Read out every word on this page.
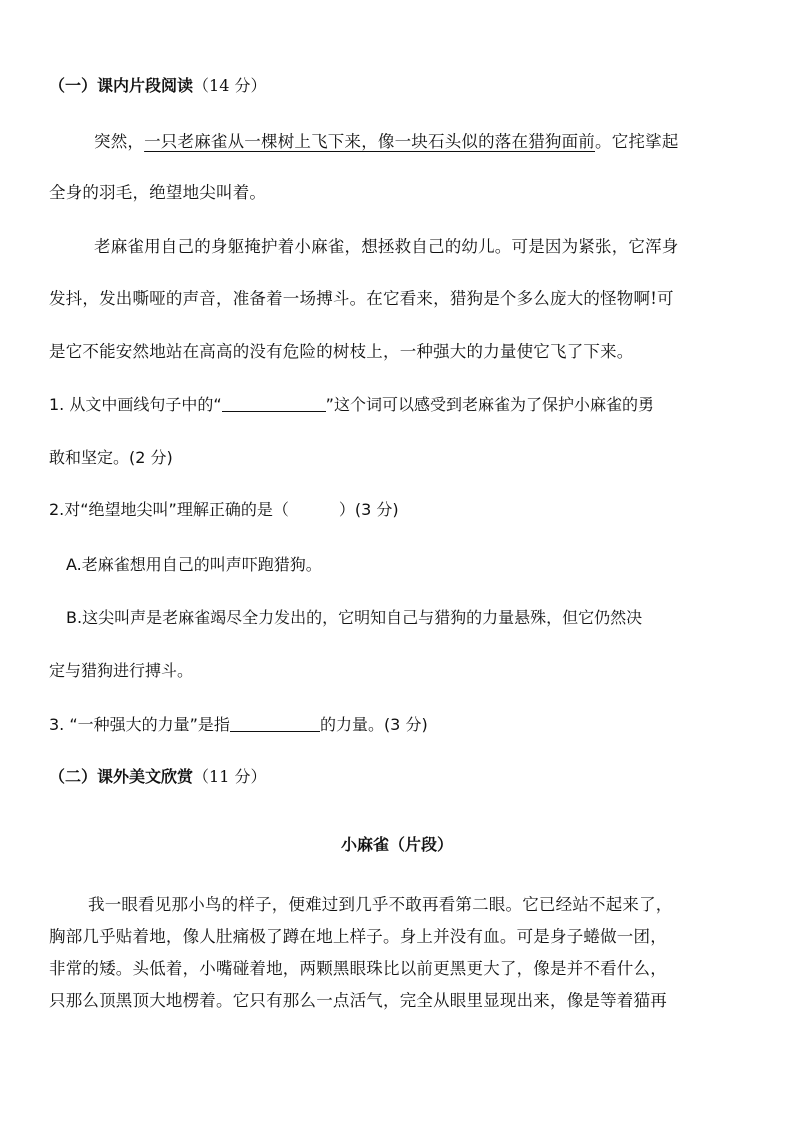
（一）课内片段阅读（14 分）
突然，一只老麻雀从一棵树上飞下来，像一块石头似的落在猎狗面前。它挓挲起
全身的羽毛，绝望地尖叫着。
老麻雀用自己的身躯掩护着小麻雀，想拯救自己的幼儿。可是因为紧张，它浑身
发抖，发出嘶哑的声音，准备着一场搏斗。在它看来，猎狗是个多么庞大的怪物啊!可
是它不能安然地站在高高的没有危险的树枝上，一种强大的力量使它飞了下来。
1. 从文中画线句子中的“	”这个词可以感受到老麻雀为了保护小麻雀的勇
敢和坚定。(2 分)
2.对“绝望地尖叫”理解正确的是（	）(3 分)
A.老麻雀想用自己的叫声吓跑猎狗。
B.这尖叫声是老麻雀竭尽全力发出的，它明知自己与猎狗的力量悬殊，但它仍然决
定与猎狗进行搏斗。
3. “一种强大的力量”是指	的力量。(3 分)
（二）课外美文欣赏（11 分）
小麻雀（片段）
我一眼看见那小鸟的样子，便难过到几乎不敢再看第二眼。它已经站不起来了，
胸部几乎贴着地，像人肚痛极了蹲在地上样子。身上并没有血。可是身子蜷做一团，
非常的矮。头低着，小嘴碰着地，两颗黑眼珠比以前更黑更大了，像是并不看什么，
只那么顶黑顶大地楞着。它只有那么一点活气，完全从眼里显现出来，像是等着猫再
